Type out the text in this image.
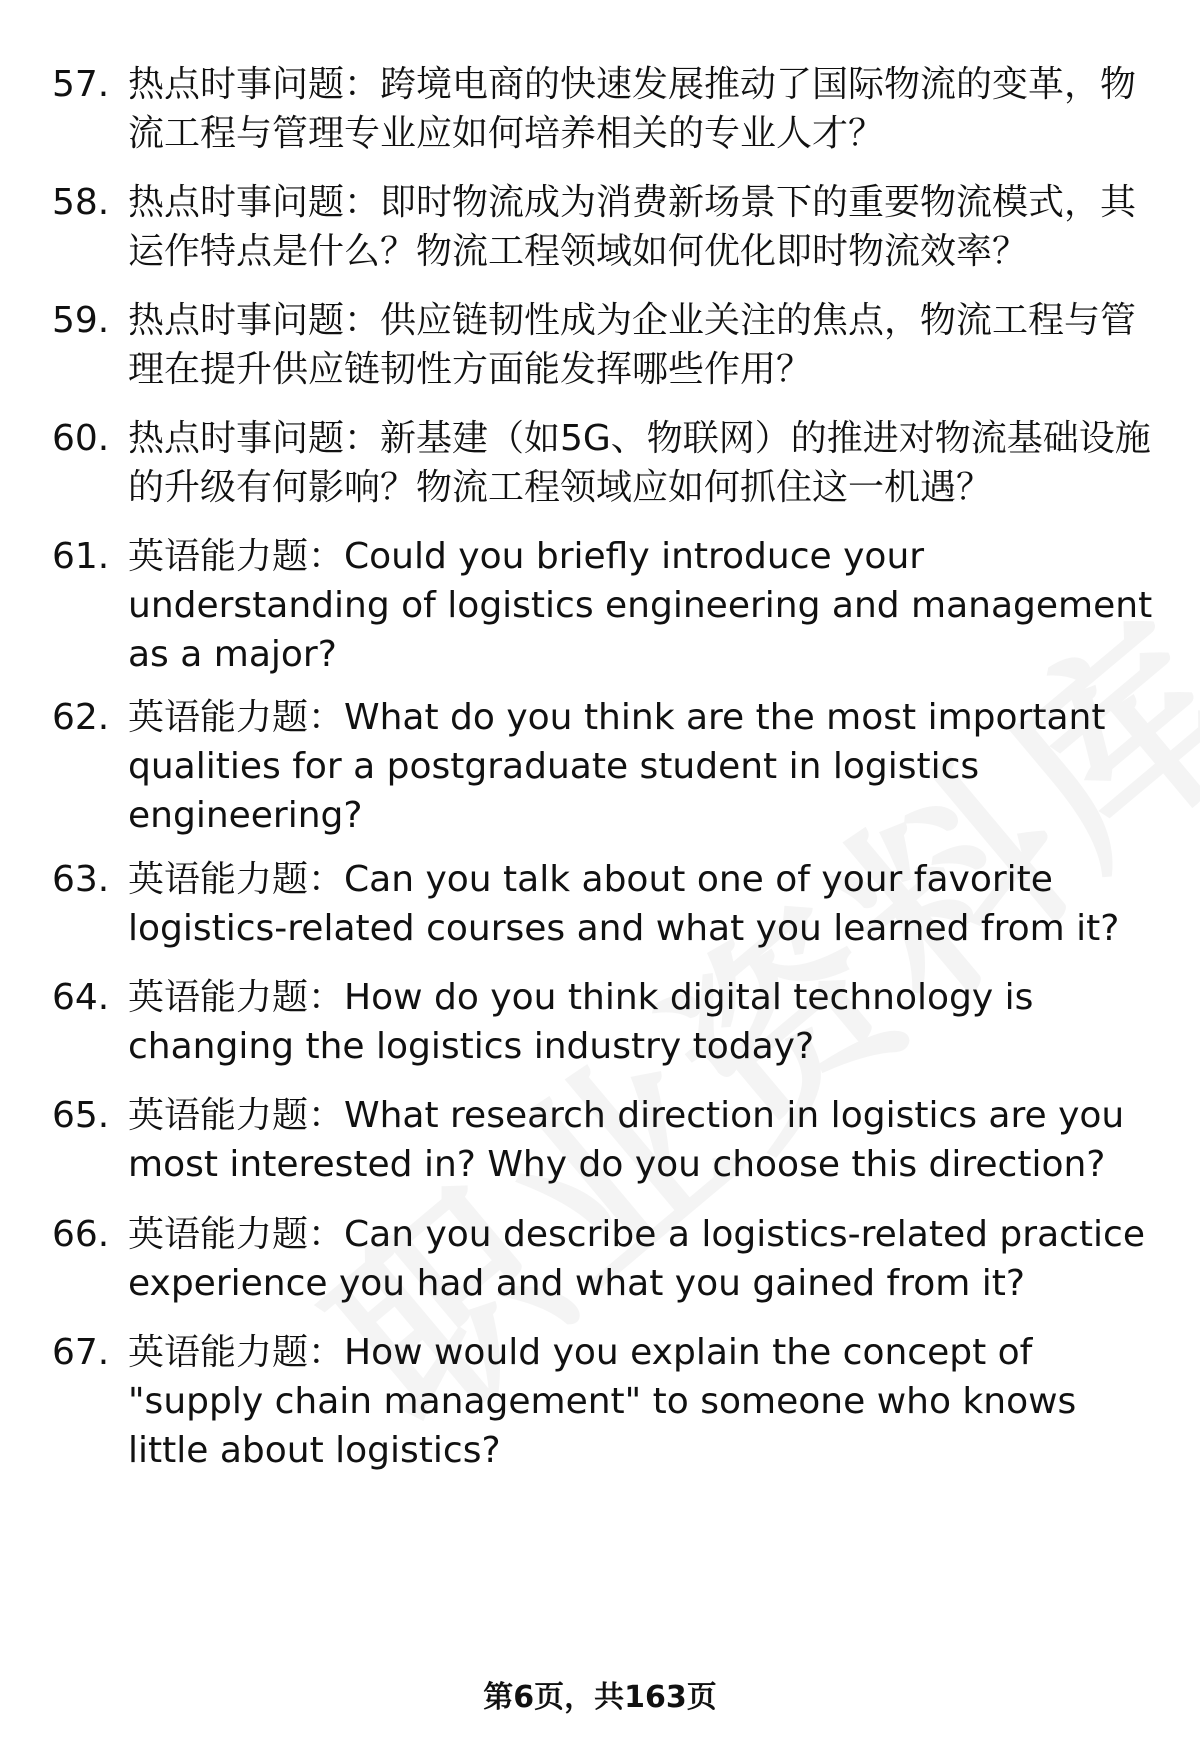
57. 热点时事问题：跨境电商的快速发展推动了国际物流的变革，物流工程与管理专业应如何培养相关的专业人才？
58. 热点时事问题：即时物流成为消费新场景下的重要物流模式，其运作特点是什么？物流工程领域如何优化即时物流效率？
59. 热点时事问题：供应链韧性成为企业关注的焦点，物流工程与管理在提升供应链韧性方面能发挥哪些作用？
60. 热点时事问题：新基建（如5G、物联网）的推进对物流基础设施的升级有何影响？物流工程领域应如何抓住这一机遇？
61. 英语能力题：Could you briefly introduce your understanding of logistics engineering and management as a major?
62. 英语能力题：What do you think are the most important qualities for a postgraduate student in logistics engineering?
63. 英语能力题：Can you talk about one of your favorite logistics-related courses and what you learned from it?
64. 英语能力题：How do you think digital technology is changing the logistics industry today?
65. 英语能力题：What research direction in logistics are you most interested in? Why do you choose this direction?
66. 英语能力题：Can you describe a logistics-related practice experience you had and what you gained from it?
67. 英语能力题：How would you explain the concept of "supply chain management" to someone who knows little about logistics?
第6页，共163页
